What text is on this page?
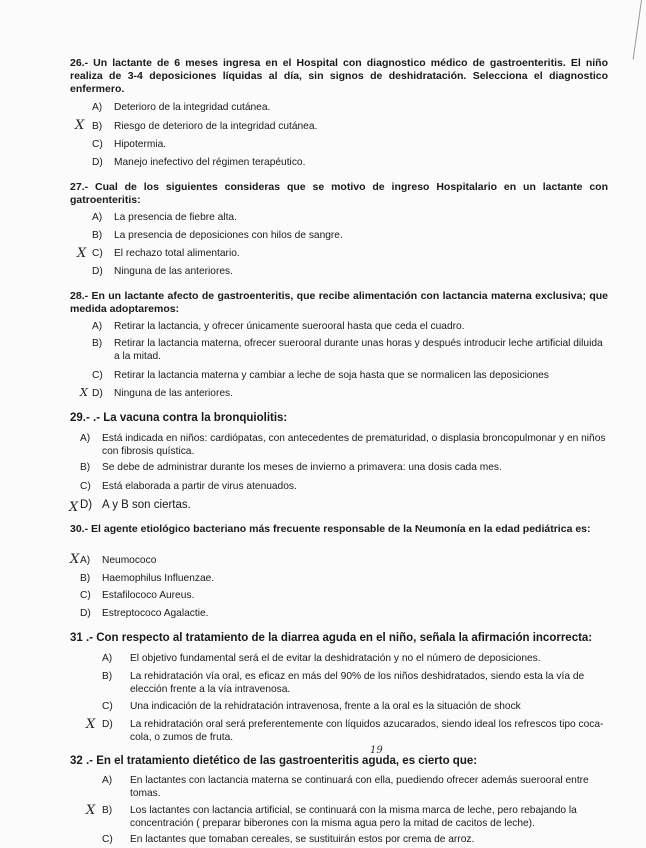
26.- Un lactante de 6 meses ingresa en el Hospital con diagnostico médico de gastroenteritis. El niño realiza de 3-4 deposiciones líquidas al día, sin signos de deshidratación. Selecciona el diagnostico enfermero.
A)	Deterioro de la integridad cutánea.
X B)	Riesgo de deterioro de la integridad cutánea.
C)	Hipotermia.
D)	Manejo inefectivo del régimen terapéutico.
27.- Cual de los siguientes consideras que se motivo de ingreso Hospitalario en un lactante con gatroenteritis:
A)	La presencia de fiebre alta.
B)	La presencia de deposiciones con hilos de sangre.
X C)	El rechazo total alimentario.
D)	Ninguna de las anteriores.
28.- En un lactante afecto de gastroenteritis, que recibe alimentación con lactancia materna exclusiva; que medida adoptaremos:
A)	Retirar la lactancia, y ofrecer únicamente suerooral hasta que ceda el cuadro.
B)	Retirar la lactancia materna, ofrecer suerooral durante unas horas y después introducir leche artificial diluida a la mitad.
C)	Retirar la lactancia materna y cambiar a leche de soja hasta que se normalicen las deposiciones
X D)	Ninguna de las anteriores.
29.- .- La vacuna contra la bronquiolitis:
A)	Está indicada en niños: cardiópatas, con antecedentes de prematuridad, o displasia broncopulmonar y en niños con fibrosis quística.
B)	Se debe de administrar durante los meses de invierno a primavera: una dosis cada mes.
C)	Está elaborada a partir de virus atenuados.
X D) A y B son ciertas.
30.- El agente etiológico bacteriano más frecuente responsable de la Neumonía en la edad pediátrica es:
X A)	Neumococo
B)	Haemophilus Influenzae.
C)	Estafilococo Aureus.
D)	Estreptococo Agalactie.
31 .- Con respecto al tratamiento de la diarrea aguda en el niño, señala la afirmación incorrecta:
A)	El objetivo fundamental será el de evitar la deshidratación y no el número de deposiciones.
B)	La rehidratación vía oral, es eficaz en más del 90% de los niños deshidratados, siendo esta la vía de elección frente a la vía intravenosa.
C)	Una indicación de la rehidratación intravenosa, frente a la oral es la situación de shock
X D)	La rehidratación oral será preferentemente con líquidos azucarados, siendo ideal los refrescos tipo coca-cola, o zumos de fruta.
19
32 .- En el tratamiento dietético de las gastroenteritis aguda, es cierto que:
A)	En lactantes con lactancia materna se continuará con ella, puediendo ofrecer además suerooral entre tomas.
X B)	Los lactantes con lactancia artificial, se continuará con la misma marca de leche, pero rebajando la concentración ( preparar biberones con la misma agua pero la mitad de cacitos de leche).
C)	En lactantes que tomaban cereales, se sustituirán estos por crema de arroz.
